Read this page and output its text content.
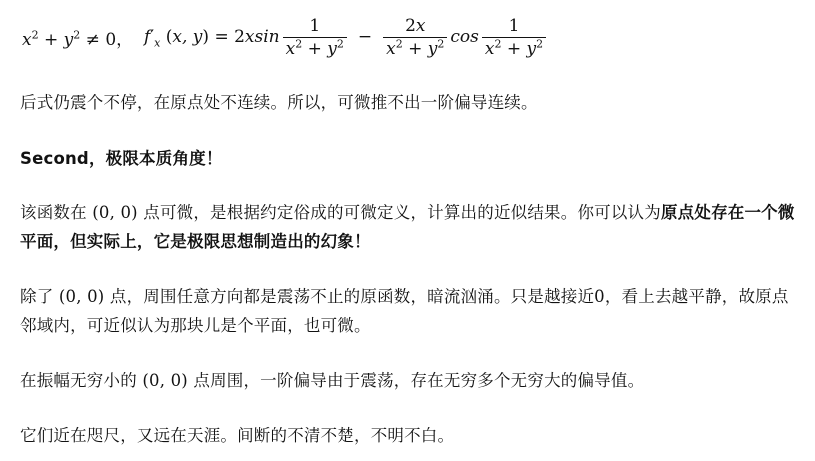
$x^2 + y^2 \ne 0$， $f'_x$ (x, $y) = 2xsin \frac{1}{x^2 + y^2} - \frac{2x}{x^2 + y^2}$ $\cos \frac{1}{x^2 + y^2}$

后式仍震个不停，在原点处不连续。所以，可微推不出一阶偏导连续。

Second，极限本质角度！

该函数在 (0, 0) 点可微，是根据约定俗成的可微定义，计算出的近似结果。你可以认为原点处存在一个微平面，但实际上，它是极限思想制造出的幻象！

除了 (0, 0) 点，周围任意方向都是震荡不止的原函数，暗流汹涌。只是越接近0，看上去越平静，故原点邻域内，可近似认为那块儿是个平面，也可微。

在振幅无穷小的 (0, 0) 点周围，一阶偏导由于震荡，存在无穷多个无穷大的偏导值。

它们近在咫尺，又远在天涯。间断的不清不楚，不明不白。
